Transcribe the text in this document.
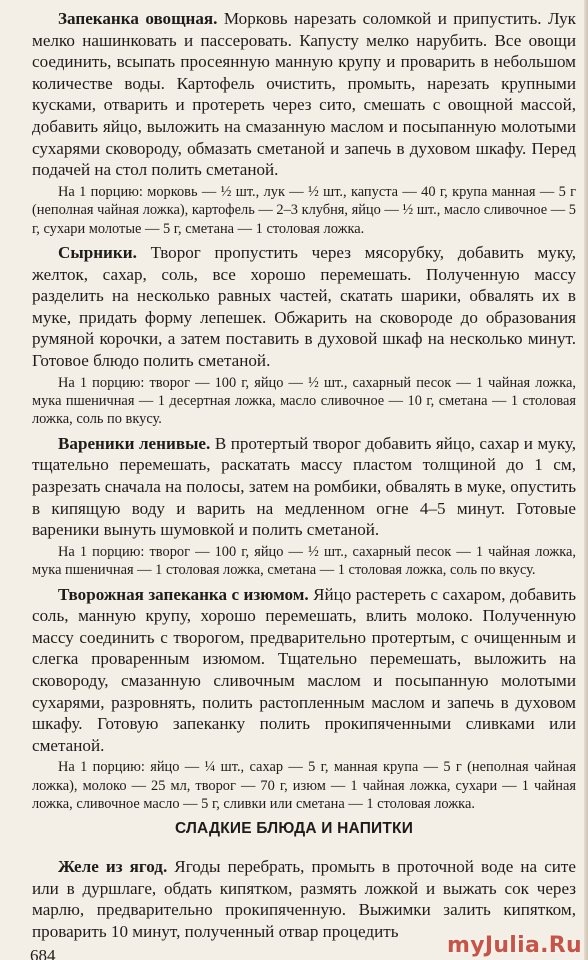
Запеканка овощная. Морковь нарезать соломкой и припустить. Лук мелко нашинковать и пассеровать. Капусту мелко нарубить. Все овощи соединить, всыпать просеянную манную крупу и проварить в небольшом количестве воды. Картофель очистить, промыть, нарезать крупными кусками, отварить и протереть через сито, смешать с овощной массой, добавить яйцо, выложить на смазанную маслом и посыпанную молотыми сухарями сковороду, обмазать сметаной и запечь в духовом шкафу. Перед подачей на стол полить сметаной.

На 1 порцию: морковь — ½ шт., лук — ½ шт., капуста — 40 г, крупа манная — 5 г (неполная чайная ложка), картофель — 2–3 клубня, яйцо — ½ шт., масло сливочное — 5 г, сухари молотые — 5 г, сметана — 1 столовая ложка.

Сырники. Творог пропустить через мясорубку, добавить муку, желток, сахар, соль, все хорошо перемешать. Полученную массу разделить на несколько равных частей, скатать шарики, обвалять их в муке, придать форму лепешек. Обжарить на сковороде до образования румяной корочки, а затем поставить в духовой шкаф на несколько минут. Готовое блюдо полить сметаной.

На 1 порцию: творог — 100 г, яйцо — ½ шт., сахарный песок — 1 чайная ложка, мука пшеничная — 1 десертная ложка, масло сливочное — 10 г, сметана — 1 столовая ложка, соль по вкусу.

Вареники ленивые. В протертый творог добавить яйцо, сахар и муку, тщательно перемешать, раскатать массу пластом толщиной до 1 см, разрезать сначала на полосы, затем на ромбики, обвалять в муке, опустить в кипящую воду и варить на медленном огне 4–5 минут. Готовые вареники вынуть шумовкой и полить сметаной.

На 1 порцию: творог — 100 г, яйцо — ½ шт., сахарный песок — 1 чайная ложка, мука пшеничная — 1 столовая ложка, сметана — 1 столовая ложка, соль по вкусу.

Творожная запеканка с изюмом. Яйцо растереть с сахаром, добавить соль, манную крупу, хорошо перемешать, влить молоко. Полученную массу соединить с творогом, предварительно протертым, с очищенным и слегка проваренным изюмом. Тщательно перемешать, выложить на сковороду, смазанную сливочным маслом и посыпанную молотыми сухарями, разровнять, полить растопленным маслом и запечь в духовом шкафу. Готовую запеканку полить прокипяченными сливками или сметаной.

На 1 порцию: яйцо — ¼ шт., сахар — 5 г, манная крупа — 5 г (неполная чайная ложка), молоко — 25 мл, творог — 70 г, изюм — 1 чайная ложка, сухари — 1 чайная ложка, сливочное масло — 5 г, сливки или сметана — 1 столовая ложка.

СЛАДКИЕ БЛЮДА И НАПИТКИ

Желе из ягод. Ягоды перебрать, промыть в проточной воде на сите или в дуршлаге, обдать кипятком, размять ложкой и выжать сок через марлю, предварительно прокипяченную. Выжимки залить кипятком, проварить 10 минут, полученный отвар процедить

684	myJulia.Ru
